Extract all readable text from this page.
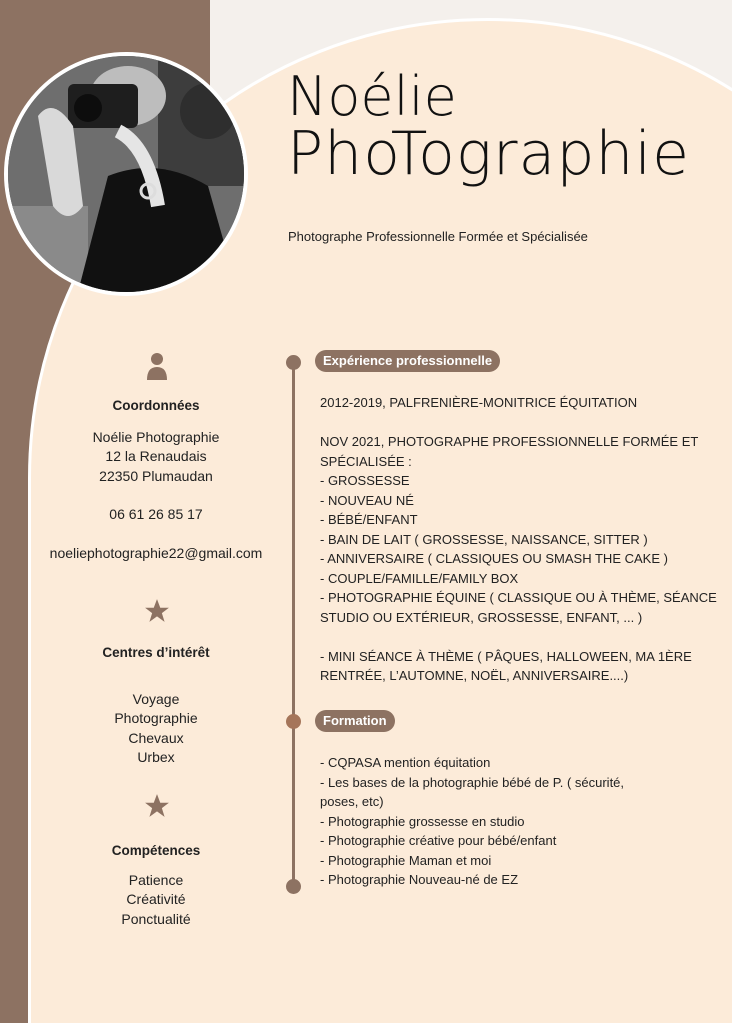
Noélie
PhoTographie
Photographe Professionnelle Formée et Spécialisée
Coordonnées
Noélie Photographie
12 la Renaudais
22350 Plumaudan
06 61 26 85 17
noeliephotographie22@gmail.com
Centres d’intérêt
Voyage
Photographie
Chevaux
Urbex
Compétences
Patience
Créativité
Ponctualité
Expérience professionnelle
2012-2019, PALFRENIÈRE-MONITRICE ÉQUITATION

NOV 2021, PHOTOGRAPHE PROFESSIONNELLE FORMÉE ET
SPÉCIALISÉE :
- GROSSESSE
- NOUVEAU NÉ
- BÉBÉ/ENFANT
- BAIN DE LAIT ( GROSSESSE, NAISSANCE, SITTER )
- ANNIVERSAIRE ( CLASSIQUES OU SMASH THE CAKE )
- COUPLE/FAMILLE/FAMILY BOX
- PHOTOGRAPHIE ÉQUINE ( CLASSIQUE OU À THÈME, SÉANCE
STUDIO OU EXTÉRIEUR, GROSSESSE, ENFANT, ... )

- MINI SÉANCE À THÈME ( PÂQUES, HALLOWEEN, MA 1ÈRE
RENTRÉE, L’AUTOMNE, NOËL, ANNIVERSAIRE....)
Formation
- CQPASA mention équitation
- Les bases de la photographie bébé de P. ( sécurité,
poses, etc)
- Photographie grossesse en studio
- Photographie créative pour bébé/enfant
- Photographie Maman et moi
- Photographie Nouveau-né de EZ
